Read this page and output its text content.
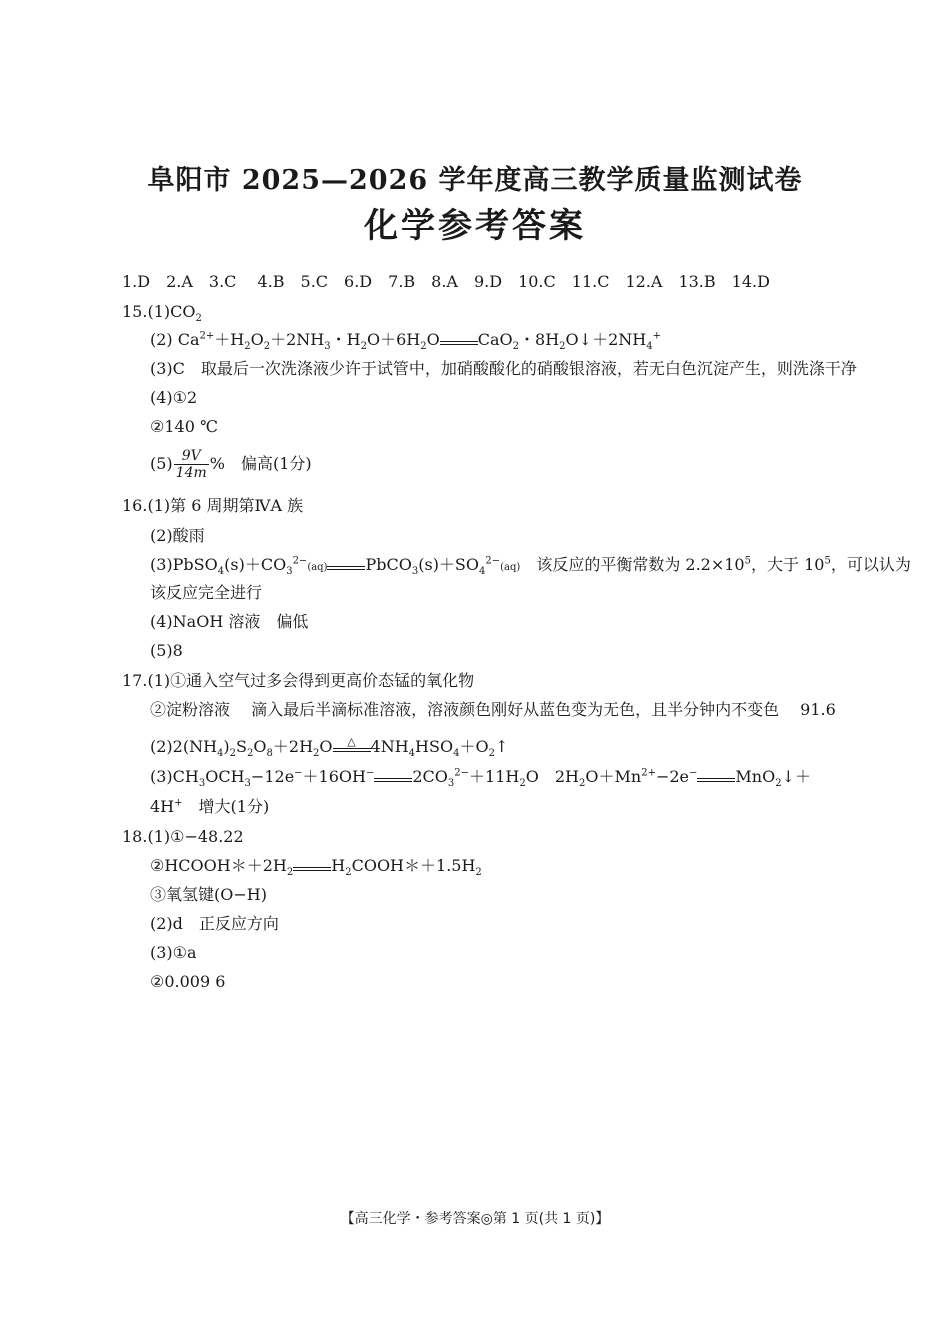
阜阳市 2025—2026 学年度高三教学质量监测试卷
化学参考答案
1.D　2.A　3.C　 4.B　5.C　6.D　7.B　8.A　9.D　10.C　11.C　12.A　13.B　14.D
$15.(1)CO_2$
(2) $Ca^{2+}+H_2O_2+2NH_3$・$H_2O+6H_2O$ CaO$_2$・$8H_2O↓+2NH_4^+$
(3)C　取最后一次洗涤液少许于试管中，加硝酸酸化的硝酸银溶液，若无白色沉淀产生，则洗涤干净
(4)①2
②140 ℃
$(5) \frac{9V}{14m}$ %　偏高(1分)
16.(1)第 6 周期第ⅣA 族
(2)酸雨
$(3)PbSO_4(s)+CO_3^{2-}(aq)$ $PbCO_3(s)+SO_4^{2-}(aq)$　该反应的平衡常数为 $2.2\times 10^5$，大于 $10^5$，可以认为
该反应完全进行
(4)NaOH 溶液　偏低
(5)8
17.(1)①通入空气过多会得到更高价态锰的氧化物
②淀粉溶液　 滴入最后半滴标准溶液，溶液颜色刚好从蓝色变为无色，且半分钟内不变色　 91.6
$(2)2(NH_4)_2S_2O_8+2H_2O$	△ $4NH_4HSO_4+O_2↑$
$(3)CH_3OCH_3-12e^-+16OH^-$ $2CO_3^{2-}+11H_2O$　$2H_2O+Mn^{2+}-2e^-$ MnO$_2$↓＋
4H+　增大(1分)
18.(1)①−48.22
$②HCOOH*+2H_2$ $H_2COOH*+1.5H_2$
③氧氢键(O−H)
(2)d　正反应方向
(3)①a
②0.009 6
【高三化学・参考答案◎第 1 页(共 1 页)】
